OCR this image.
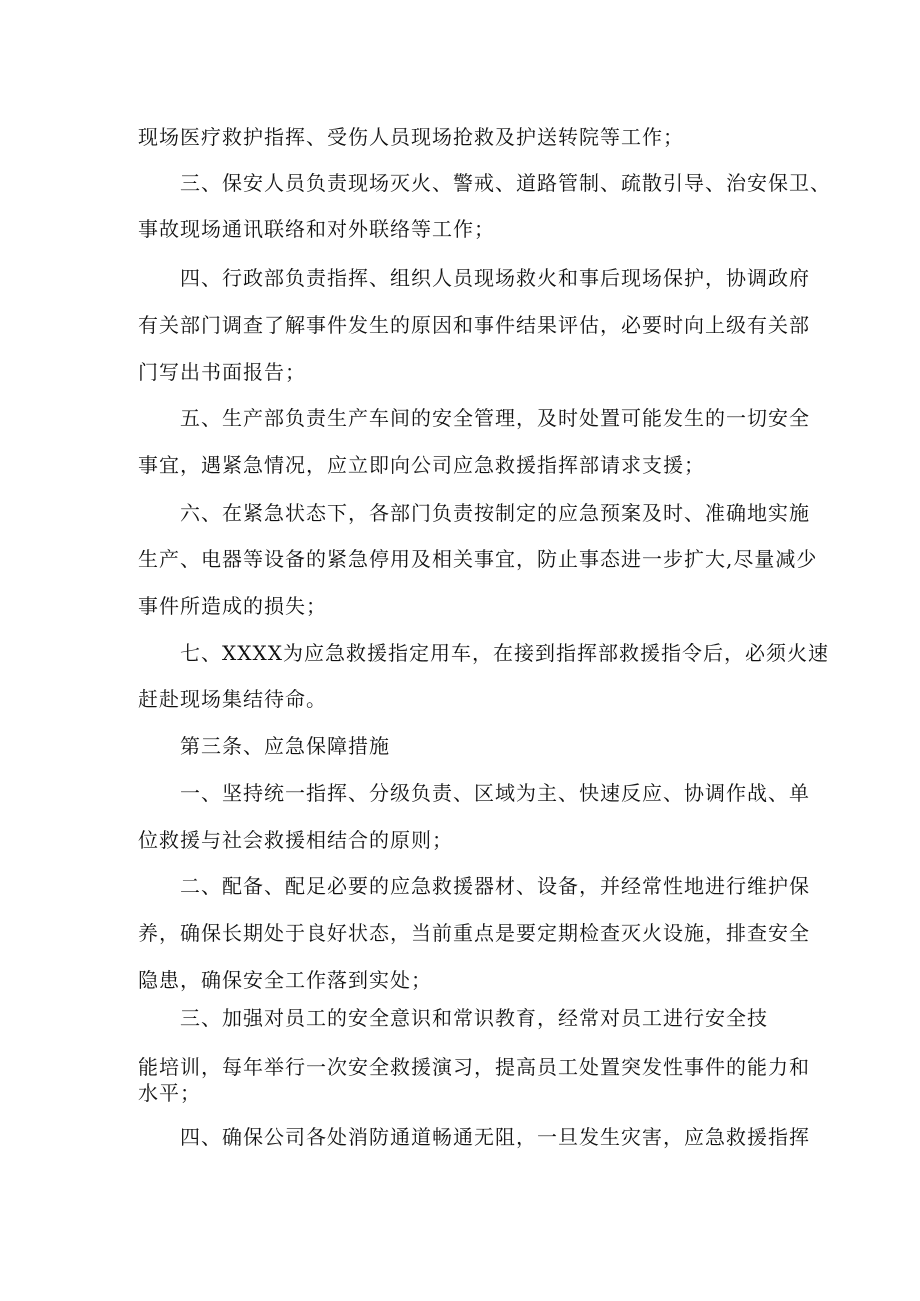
现场医疗救护指挥、受伤人员现场抢救及护送转院等工作；
三、保安人员负责现场灭火、警戒、道路管制、疏散引导、治安保卫、
事故现场通讯联络和对外联络等工作；
四、行政部负责指挥、组织人员现场救火和事后现场保护，协调政府
有关部门调查了解事件发生的原因和事件结果评估，必要时向上级有关部
门写出书面报告；
五、生产部负责生产车间的安全管理，及时处置可能发生的一切安全
事宜，遇紧急情况，应立即向公司应急救援指挥部请求支援；
六、在紧急状态下，各部门负责按制定的应急预案及时、准确地实施
生产、电器等设备的紧急停用及相关事宜，防止事态进一步扩大,尽量减少
事件所造成的损失；
七、XXXX为应急救援指定用车，在接到指挥部救援指令后，必须火速
赶赴现场集结待命。
第三条、应急保障措施
一、坚持统一指挥、分级负责、区域为主、快速反应、协调作战、单
位救援与社会救援相结合的原则；
二、配备、配足必要的应急救援器材、设备，并经常性地进行维护保
养，确保长期处于良好状态，当前重点是要定期检查灭火设施，排查安全
隐患，确保安全工作落到实处；
三、加强对员工的安全意识和常识教育，经常对员工进行安全技
能培训，每年举行一次安全救援演习，提高员工处置突发性事件的能力和
水平；
四、确保公司各处消防通道畅通无阻，一旦发生灾害，应急救援指挥
